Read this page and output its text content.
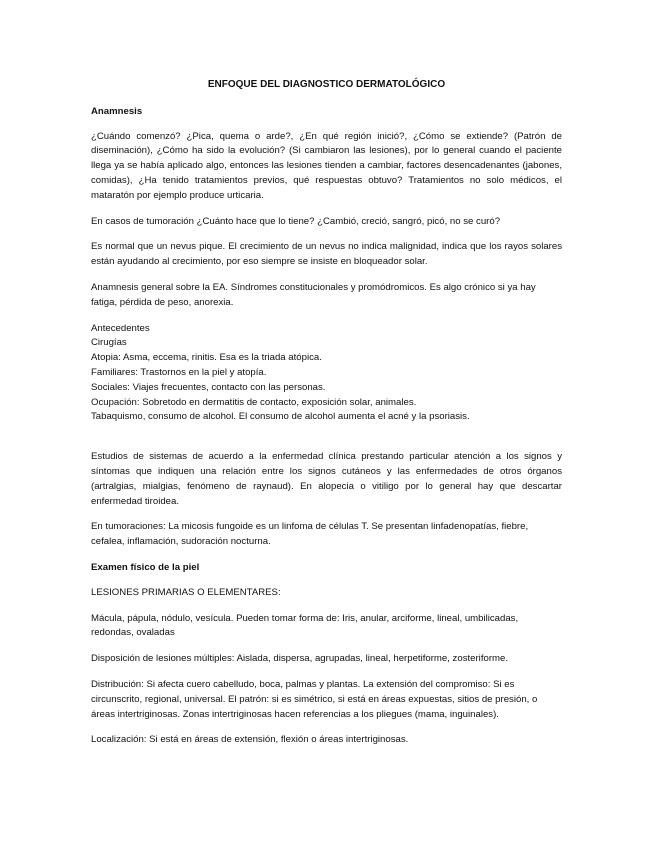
ENFOQUE DEL DIAGNOSTICO DERMATOLÓGICO
Anamnesis
¿Cuándo comenzó? ¿Pica, quema o arde?, ¿En qué región inició?, ¿Cómo se extiende? (Patrón de diseminación), ¿Cómo ha sido la evolución? (Si cambiaron las lesiones), por lo general cuando el paciente llega ya se había aplicado algo, entonces las lesiones tienden a cambiar, factores desencadenantes (jabones, comidas), ¿Ha tenido tratamientos previos, qué respuestas obtuvo? Tratamientos no solo médicos, el mataratón por ejemplo produce urticaria.
En casos de tumoración ¿Cuánto hace que lo tiene? ¿Cambió, creció, sangró, picó, no se curó?
Es normal que un nevus pique. El crecimiento de un nevus no indica malignidad, indica que los rayos solares están ayudando al crecimiento, por eso siempre se insiste en bloqueador solar.
Anamnesis general sobre la EA. Síndromes constitucionales y promódromicos. Es algo crónico si ya hay fatiga, pérdida de peso, anorexia.
Antecedentes
Cirugías
Atopia: Asma, eccema, rinitis. Esa es la triada atópica.
Familiares: Trastornos en la piel y atopía.
Sociales: Viajes frecuentes, contacto con las personas.
Ocupación: Sobretodo en dermatitis de contacto, exposición solar, animales.
Tabaquismo, consumo de alcohol. El consumo de alcohol aumenta el acné y la psoriasis.
Estudios de sistemas de acuerdo a la enfermedad clínica prestando particular atención a los signos y síntomas que indiquen una relación entre los signos cutáneos y las enfermedades de otros órganos (artralgias, mialgias, fenómeno de raynaud). En alopecia o vitiligo por lo general hay que descartar enfermedad tiroidea.
En tumoraciones: La micosis fungoide es un linfoma de células T. Se presentan linfadenopatías, fiebre, cefalea, inflamación, sudoración nocturna.
Examen físico de la piel
LESIONES PRIMARIAS O ELEMENTARES:
Mácula, pápula, nódulo, vesícula. Pueden tomar forma de: Iris, anular, arciforme, lineal, umbilicadas, redondas, ovaladas
Disposición de lesiones múltiples: Aislada, dispersa, agrupadas, lineal, herpetiforme, zosteriforme.
Distribución: Si afecta cuero cabelludo, boca, palmas y plantas. La extensión del compromiso: Si es circunscrito, regional, universal. El patrón: si es simétrico, si está en áreas expuestas, sitios de presión, o áreas intertriginosas. Zonas intertriginosas hacen referencias a los pliegues (mama, inguinales).
Localización: Si está en áreas de extensión, flexión o áreas intertriginosas.
